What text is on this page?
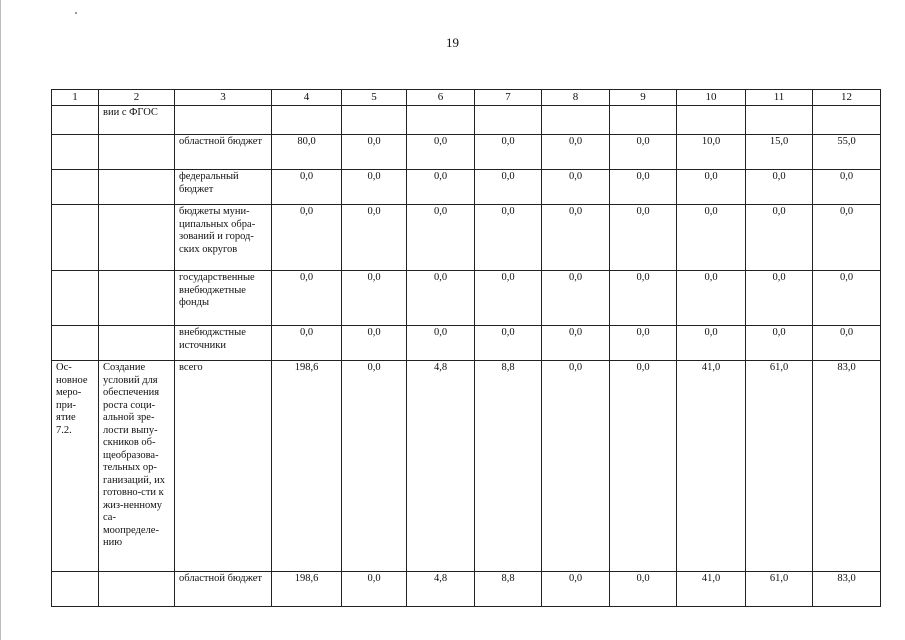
19
1	2	3	4	5	6	7	8	9	10	11	12
	вии с ФГОС										
		областной бюджет	80,0	0,0	0,0	0,0	0,0	0,0	10,0	15,0	55,0
		федеральный бюджет	0,0	0,0	0,0	0,0	0,0	0,0	0,0	0,0	0,0
		бюджеты муни-ципальных обра-зований и город-ских округов	0,0	0,0	0,0	0,0	0,0	0,0	0,0	0,0	0,0
		государственные внебюджетные фонды	0,0	0,0	0,0	0,0	0,0	0,0	0,0	0,0	0,0
		внебюджстные источники	0,0	0,0	0,0	0,0	0,0	0,0	0,0	0,0	0,0
Ос-новное меро-при-ятие 7.2.	Создание условий для обеспечения роста соци-альной зре-лости выпу-скников об-щеобразова-тельных ор-ганизаций, их готовно-сти к жиз-ненному са-моопределе-нию	всего	198,6	0,0	4,8	8,8	0,0	0,0	41,0	61,0	83,0
		областной бюджет	198,6	0,0	4,8	8,8	0,0	0,0	41,0	61,0	83,0
